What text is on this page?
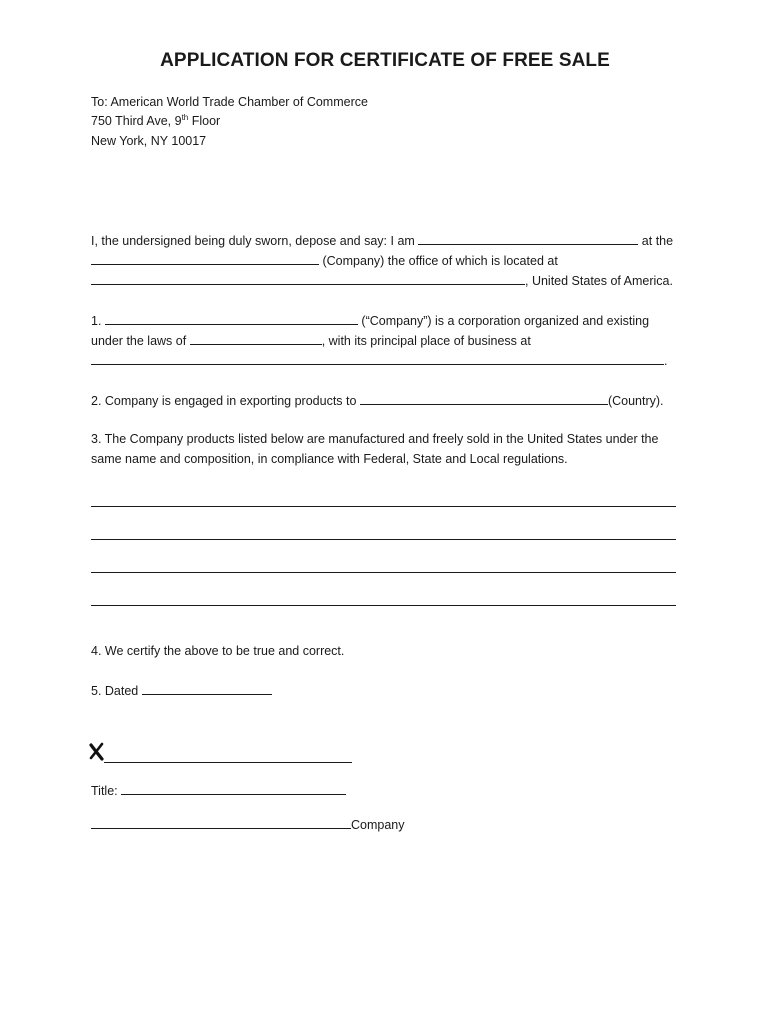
APPLICATION FOR CERTIFICATE OF FREE SALE
To: American World Trade Chamber of Commerce
750 Third Ave, 9th Floor
New York, NY 10017
I, the undersigned being duly sworn, depose and say: I am	at the
(Company) the office of which is located at
, United States of America.
1.	(“Company”) is a corporation organized and existing
under the laws of	, with its principal place of business at
.
2. Company is engaged in exporting products to	(Country).
3. The Company products listed below are manufactured and freely sold in the United States under the
same name and composition, in compliance with Federal, State and Local regulations.
4. We certify the above to be true and correct.
5. Dated
Title:
Company
